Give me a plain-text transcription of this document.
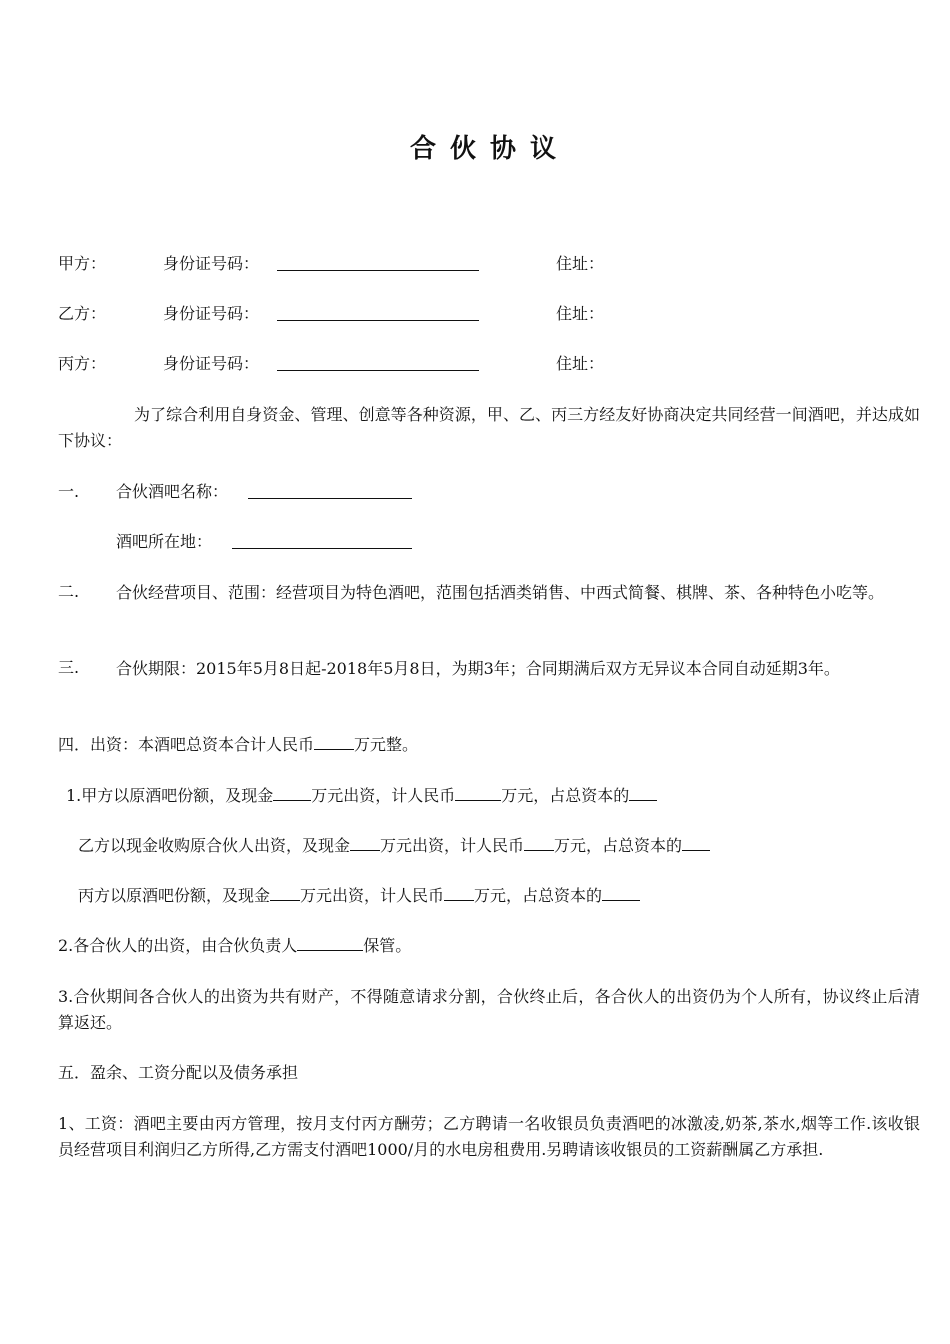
合伙协议
甲方：	身份证号码：	住址：
乙方：	身份证号码：	住址：
丙方：	身份证号码：	住址：
为了综合利用自身资金、管理、创意等各种资源，甲、乙、丙三方经友好协商决定共同经营一间酒吧，并达成如下协议：
一. 合伙酒吧名称：
酒吧所在地：
二. 合伙经营项目、范围：经营项目为特色酒吧，范围包括酒类销售、中西式简餐、棋牌、茶、各种特色小吃等。
三. 合伙期限：2015年5月8日起-2018年5月8日，为期3年；合同期满后双方无异议本合同自动延期3年。
四．出资：本酒吧总资本合计人民币	万元整。
1.甲方以原酒吧份额，及现金 万元出资，计人民币	万元，占总资本的
乙方以现金收购原合伙人出资，及现金 万元出资，计人民币 万元，占总资本的
丙方以原酒吧份额，及现金 万元出资，计人民币 万元，占总资本的
2.各合伙人的出资，由合伙负责人	保管。
3.合伙期间各合伙人的出资为共有财产，不得随意请求分割，合伙终止后，各合伙人的出资仍为个人所有，协议终止后清算返还。
五．盈余、工资分配以及债务承担
1、工资：酒吧主要由丙方管理，按月支付丙方酬劳；乙方聘请一名收银员负责酒吧的冰激凌,奶茶,茶水,烟等工作.该收银员经营项目利润归乙方所得,乙方需支付酒吧1000/月的水电房租费用.另聘请该收银员的工资薪酬属乙方承担.
